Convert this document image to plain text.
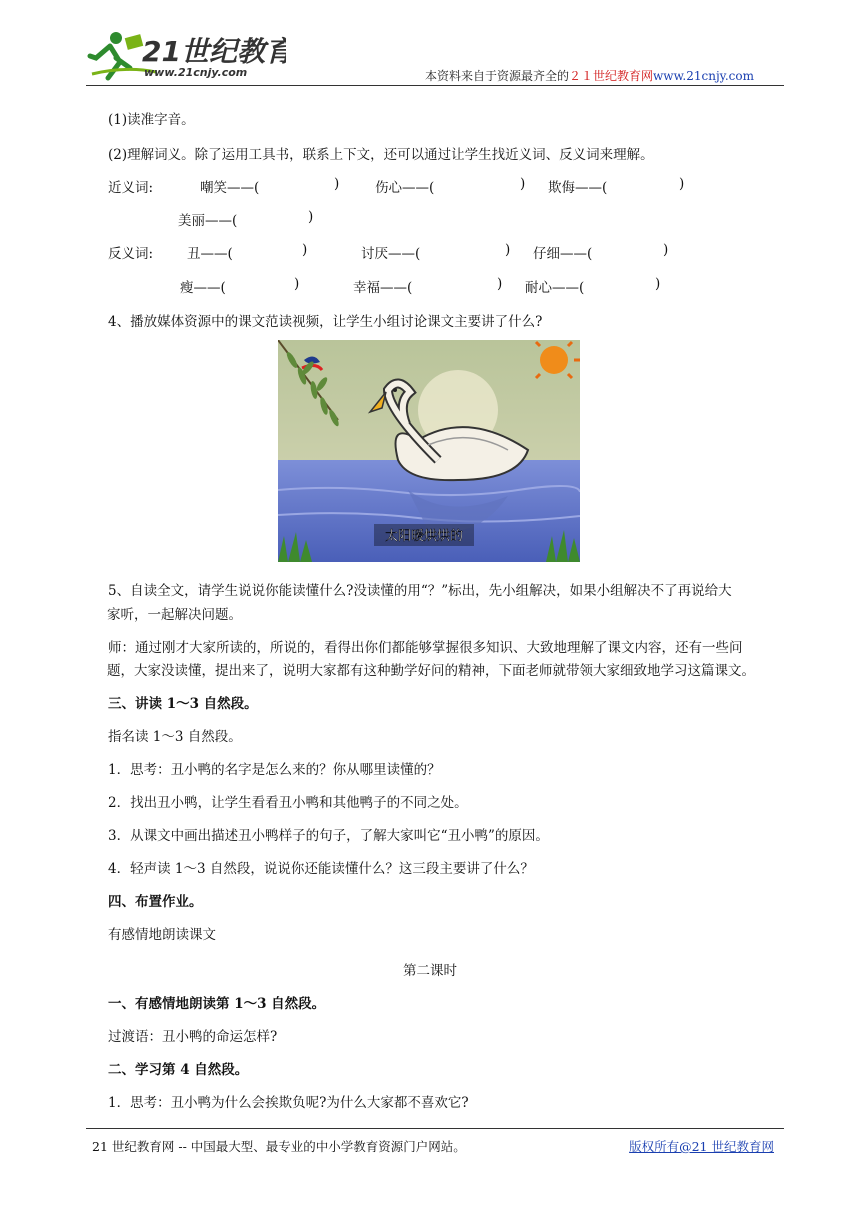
21世纪教育
www.21cnjy.com	本资料来自于资源最齐全的２１世纪教育网www.21cnjy.com
(1)读准字音。
(2)理解词义。除了运用工具书，联系上下文，还可以通过让学生找近义词、反义词来理解。
近义词:	嘲笑——(	)	伤心——(	) 欺侮——(	)
美丽——(	)
反义词:	丑——(	)	讨厌——(	) 仔细——(	)
瘦——(	)	幸福——(	) 耐心——(	)
4、播放媒体资源中的课文范读视频，让学生小组讨论课文主要讲了什么?
太阳暖烘烘的
5、自读全文，请学生说说你能读懂什么?没读懂的用“？”标出，先小组解决，如果小组解决不了再说给大
家听，一起解决问题。
师：通过刚才大家所读的，所说的，看得出你们都能够掌握很多知识、大致地理解了课文内容，还有一些问
题，大家没读懂，提出来了，说明大家都有这种勤学好问的精神，下面老师就带领大家细致地学习这篇课文。
三、讲读 1～3 自然段。
指名读 1～3 自然段。
1．思考：丑小鸭的名字是怎么来的？你从哪里读懂的？
2．找出丑小鸭，让学生看看丑小鸭和其他鸭子的不同之处。
3．从课文中画出描述丑小鸭样子的句子，了解大家叫它“丑小鸭”的原因。
4．轻声读 1～3 自然段，说说你还能读懂什么？这三段主要讲了什么？
四、布置作业。
有感情地朗读课文
第二课时
一、有感情地朗读第 1～3 自然段。
过渡语：丑小鸭的命运怎样?
二、学习第 4 自然段。
1．思考：丑小鸭为什么会挨欺负呢?为什么大家都不喜欢它?
21 世纪教育网 -- 中国最大型、最专业的中小学教育资源门户网站。	版权所有@21 世纪教育网
